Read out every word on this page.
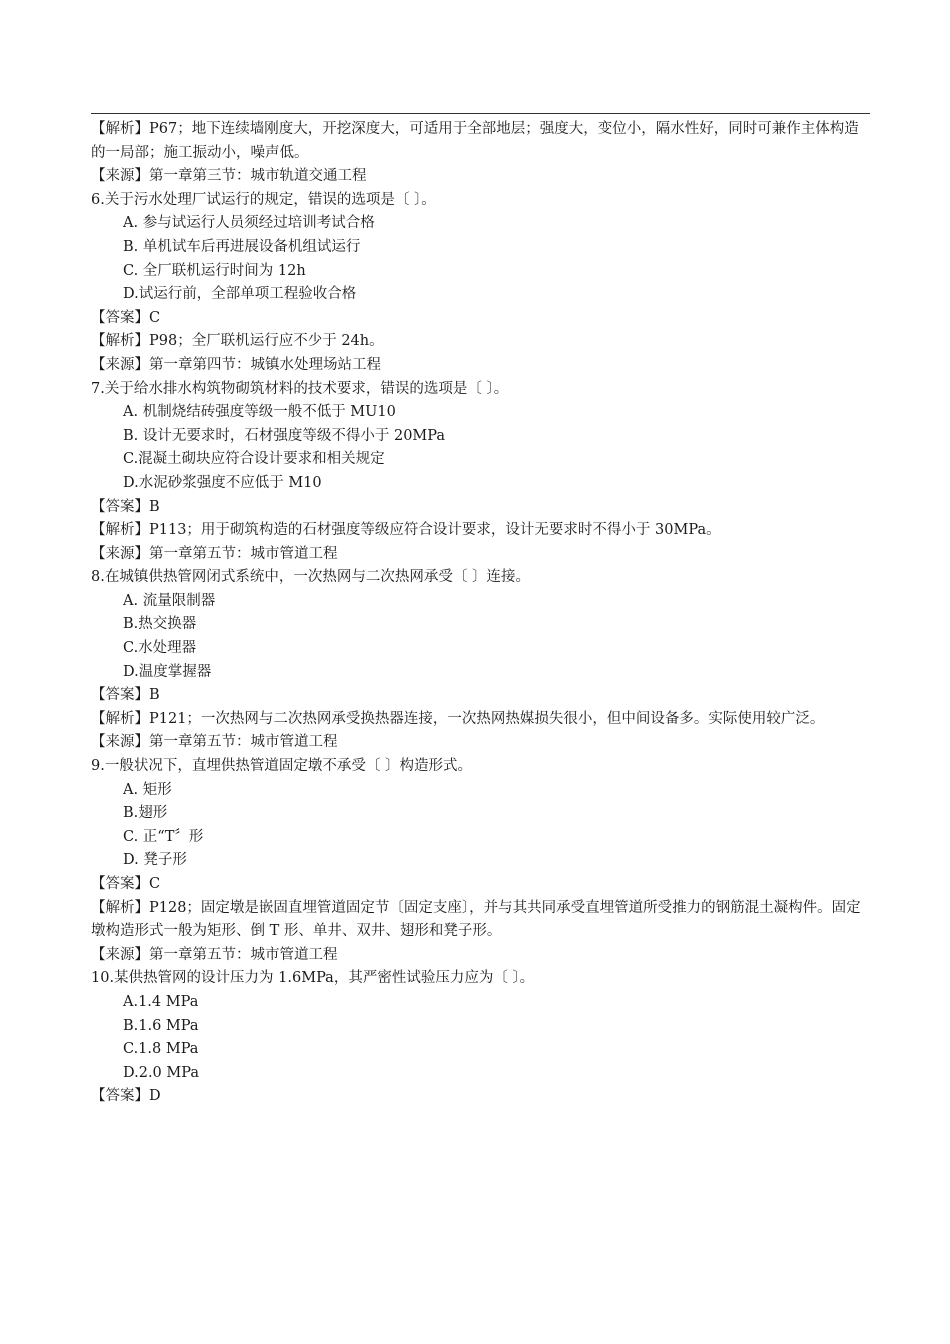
【解析】P67；地下连续墙刚度大，开挖深度大，可适用于全部地层；强度大，变位小，隔水性好，同时可兼作主体构造的一局部；施工振动小，噪声低。
【来源】第一章第三节：城市轨道交通工程
6.关于污水处理厂试运行的规定，错误的选项是〔 〕。
A. 参与试运行人员须经过培训考试合格
B. 单机试车后再进展设备机组试运行
C. 全厂联机运行时间为 12h
D.试运行前，全部单项工程验收合格
【答案】C
【解析】P98；全厂联机运行应不少于 24h。
【来源】第一章第四节：城镇水处理场站工程
7.关于给水排水构筑物砌筑材料的技术要求，错误的选项是〔 〕。
A. 机制烧结砖强度等级一般不低于 MU10
B. 设计无要求时，石材强度等级不得小于 20MPa
C.混凝土砌块应符合设计要求和相关规定
D.水泥砂浆强度不应低于 M10
【答案】B
【解析】P113；用于砌筑构造的石材强度等级应符合设计要求，设计无要求时不得小于 30MPa。
【来源】第一章第五节：城市管道工程
8.在城镇供热管网闭式系统中，一次热网与二次热网承受〔 〕连接。
A. 流量限制器
B.热交换器
C.水处理器
D.温度掌握器
【答案】B
【解析】P121；一次热网与二次热网承受换热器连接，一次热网热媒损失很小，但中间设备多。实际使用较广泛。
【来源】第一章第五节：城市管道工程
9.一般状况下，直埋供热管道固定墩不承受〔 〕构造形式。
A. 矩形
B.翅形
C. 正“T〞形
D. 凳子形
【答案】C
【解析】P128；固定墩是嵌固直埋管道固定节〔固定支座〕，并与其共同承受直埋管道所受推力的钢筋混土凝构件。固定墩构造形式一般为矩形、倒 T 形、单井、双井、翅形和凳子形。
【来源】第一章第五节：城市管道工程
10.某供热管网的设计压力为 1.6MPa，其严密性试验压力应为〔 〕。
A.1.4 MPa
B.1.6 MPa
C.1.8 MPa
D.2.0 MPa
【答案】D
